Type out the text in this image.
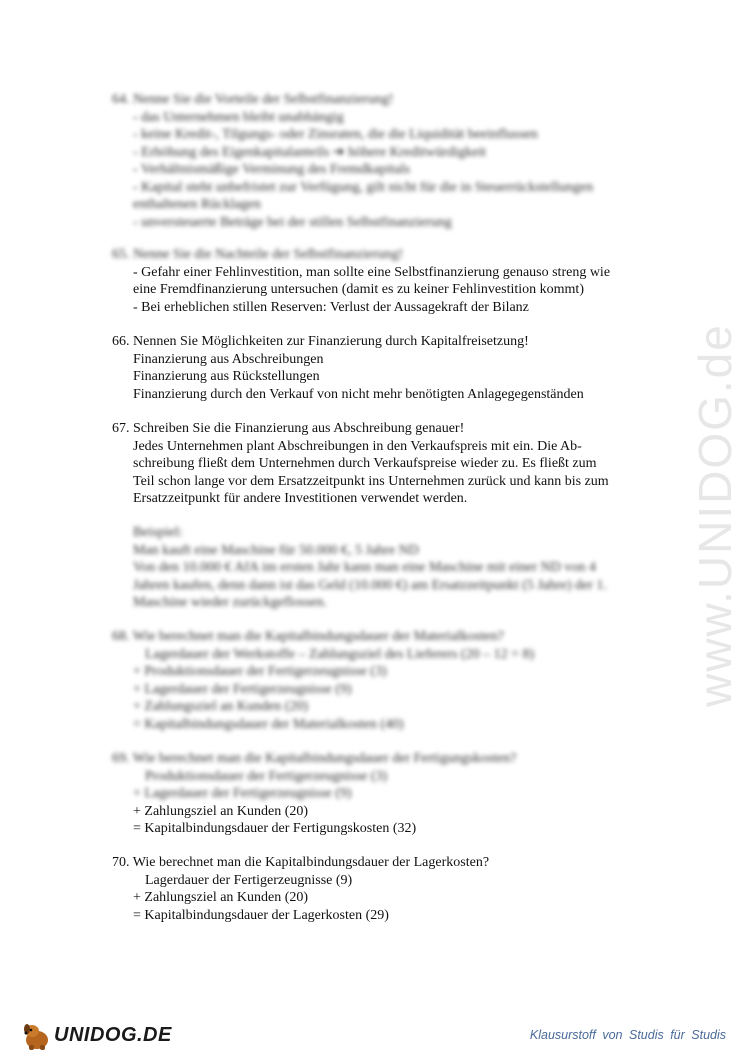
www.UNIDOG.de
64. Nenne Sie die Vorteile der Selbstfinanzierung!
- das Unternehmen bleibt unabhängig
- keine Kredit-, Tilgungs- oder Zinsraten, die die Liquidität beeinflussen
- Erhöhung des Eigenkapitalanteils ➔ höhere Kreditwürdigkeit
- Verhältnismäßige Verminung des Fremdkapitals
- Kapital steht unbefristet zur Verfügung, gilt nicht für die in Steuerrückstellungen
enthaltenen Rücklagen
- unversteuerte Beträge bei der stillen Selbstfinanzierung
65. Nenne Sie die Nachteile der Selbstfinanzierung!
- Gefahr einer Fehlinvestition, man sollte eine Selbstfinanzierung genauso streng wie
eine Fremdfinanzierung untersuchen (damit es zu keiner Fehlinvestition kommt)
- Bei erheblichen stillen Reserven: Verlust der Aussagekraft der Bilanz
66. Nennen Sie Möglichkeiten zur Finanzierung durch Kapitalfreisetzung!
Finanzierung aus Abschreibungen
Finanzierung aus Rückstellungen
Finanzierung durch den Verkauf von nicht mehr benötigten Anlagegegenständen
67. Schreiben Sie die Finanzierung aus Abschreibung genauer!
Jedes Unternehmen plant Abschreibungen in den Verkaufspreis mit ein. Die Ab-
schreibung fließt dem Unternehmen durch Verkaufspreise wieder zu. Es fließt zum
Teil schon lange vor dem Ersatzzeitpunkt ins Unternehmen zurück und kann bis zum
Ersatzzeitpunkt für andere Investitionen verwendet werden.
Beispiel:
Man kauft eine Maschine für 50.000 €, 5 Jahre ND
Von den 10.000 € AfA im ersten Jahr kann man eine Maschine mit einer ND von 4
Jahren kaufen, denn dann ist das Geld (10.000 €) am Ersatzzeitpunkt (5 Jahre) der 1.
Maschine wieder zurückgeflossen.
68. Wie berechnet man die Kapitalbindungsdauer der Materialkosten?
Lagerdauer der Werkstoffe – Zahlungsziel des Lieferers (20 – 12 = 8)
+ Produktionsdauer der Fertigerzeugnisse (3)
+ Lagerdauer der Fertigerzeugnisse (9)
+ Zahlungsziel an Kunden (20)
= Kapitalbindungsdauer der Materialkosten (40)
69. Wie berechnet man die Kapitalbindungsdauer der Fertigungskosten?
Produktionsdauer der Fertigerzeugnisse (3)
+ Lagerdauer der Fertigerzeugnisse (9)
+ Zahlungsziel an Kunden (20)
= Kapitalbindungsdauer der Fertigungskosten (32)
70. Wie berechnet man die Kapitalbindungsdauer der Lagerkosten?
Lagerdauer der Fertigerzeugnisse (9)
+ Zahlungsziel an Kunden (20)
= Kapitalbindungsdauer der Lagerkosten (29)
UNIDOG.DE	Klausurstoff von Studis für Studis
